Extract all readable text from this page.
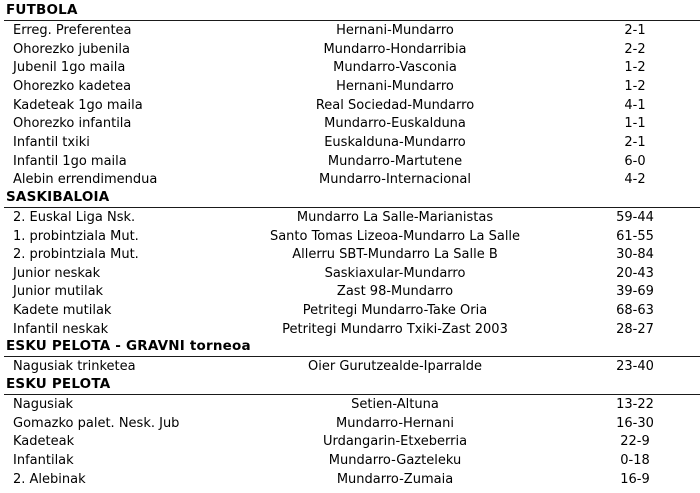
FUTBOLA
Erreg. Preferentea	Hernani-Mundarro	2-1
Ohorezko jubenila	Mundarro-Hondarribia	2-2
Jubenil 1go maila	Mundarro-Vasconia	1-2
Ohorezko kadetea	Hernani-Mundarro	1-2
Kadeteak 1go maila	Real Sociedad-Mundarro	4-1
Ohorezko infantila	Mundarro-Euskalduna	1-1
Infantil txiki	Euskalduna-Mundarro	2-1
Infantil 1go maila	Mundarro-Martutene	6-0
Alebin errendimendua	Mundarro-Internacional	4-2
SASKIBALOIA
2. Euskal Liga Nsk.	Mundarro La Salle-Marianistas	59-44
1. probintziala Mut.	Santo Tomas Lizeoa-Mundarro La Salle	61-55
2. probintziala Mut.	Allerru SBT-Mundarro La Salle B	30-84
Junior neskak	Saskiaxular-Mundarro	20-43
Junior mutilak	Zast 98-Mundarro	39-69
Kadete mutilak	Petritegi Mundarro-Take Oria	68-63
Infantil neskak	Petritegi Mundarro Txiki-Zast 2003	28-27
ESKU PELOTA - GRAVNI torneoa
Nagusiak trinketea	Oier Gurutzealde-Iparralde	23-40
ESKU PELOTA
Nagusiak	Setien-Altuna	13-22
Gomazko palet. Nesk. Jub	Mundarro-Hernani	16-30
Kadeteak	Urdangarin-Etxeberria	22-9
Infantilak	Mundarro-Gazteleku	0-18
2. Alebinak	Mundarro-Zumaia	16-9
